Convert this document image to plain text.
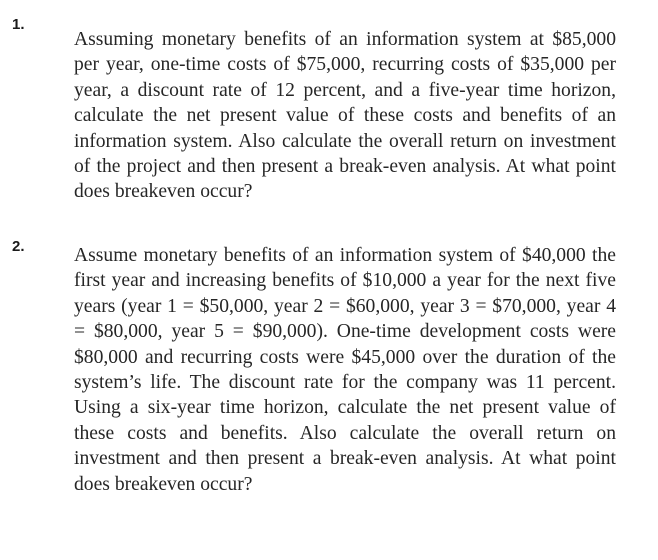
1.

Assuming monetary benefits of an information system at $85,000 per year, one-time costs of $75,000, recurring costs of $35,000 per year, a discount rate of 12 percent, and a five-year time horizon, calculate the net present value of these costs and benefits of an information system. Also calculate the overall return on investment of the project and then present a break-even analysis. At what point does breakeven occur?

2.	Assume monetary benefits of an information system of $40,000 the first year and increasing benefits of $10,000 a year for the next five years (year 1 = $50,000, year 2 = $60,000, year 3 = $70,000, year 4 = $80,000, year 5 = $90,000). One-time development costs were $80,000 and recurring costs were $45,000 over the duration of the system’s life. The discount rate for the company was 11 percent. Using a six-year time horizon, calculate the net present value of these costs and benefits. Also calculate the overall return on investment and then present a break-even analysis. At what point does breakeven occur?
